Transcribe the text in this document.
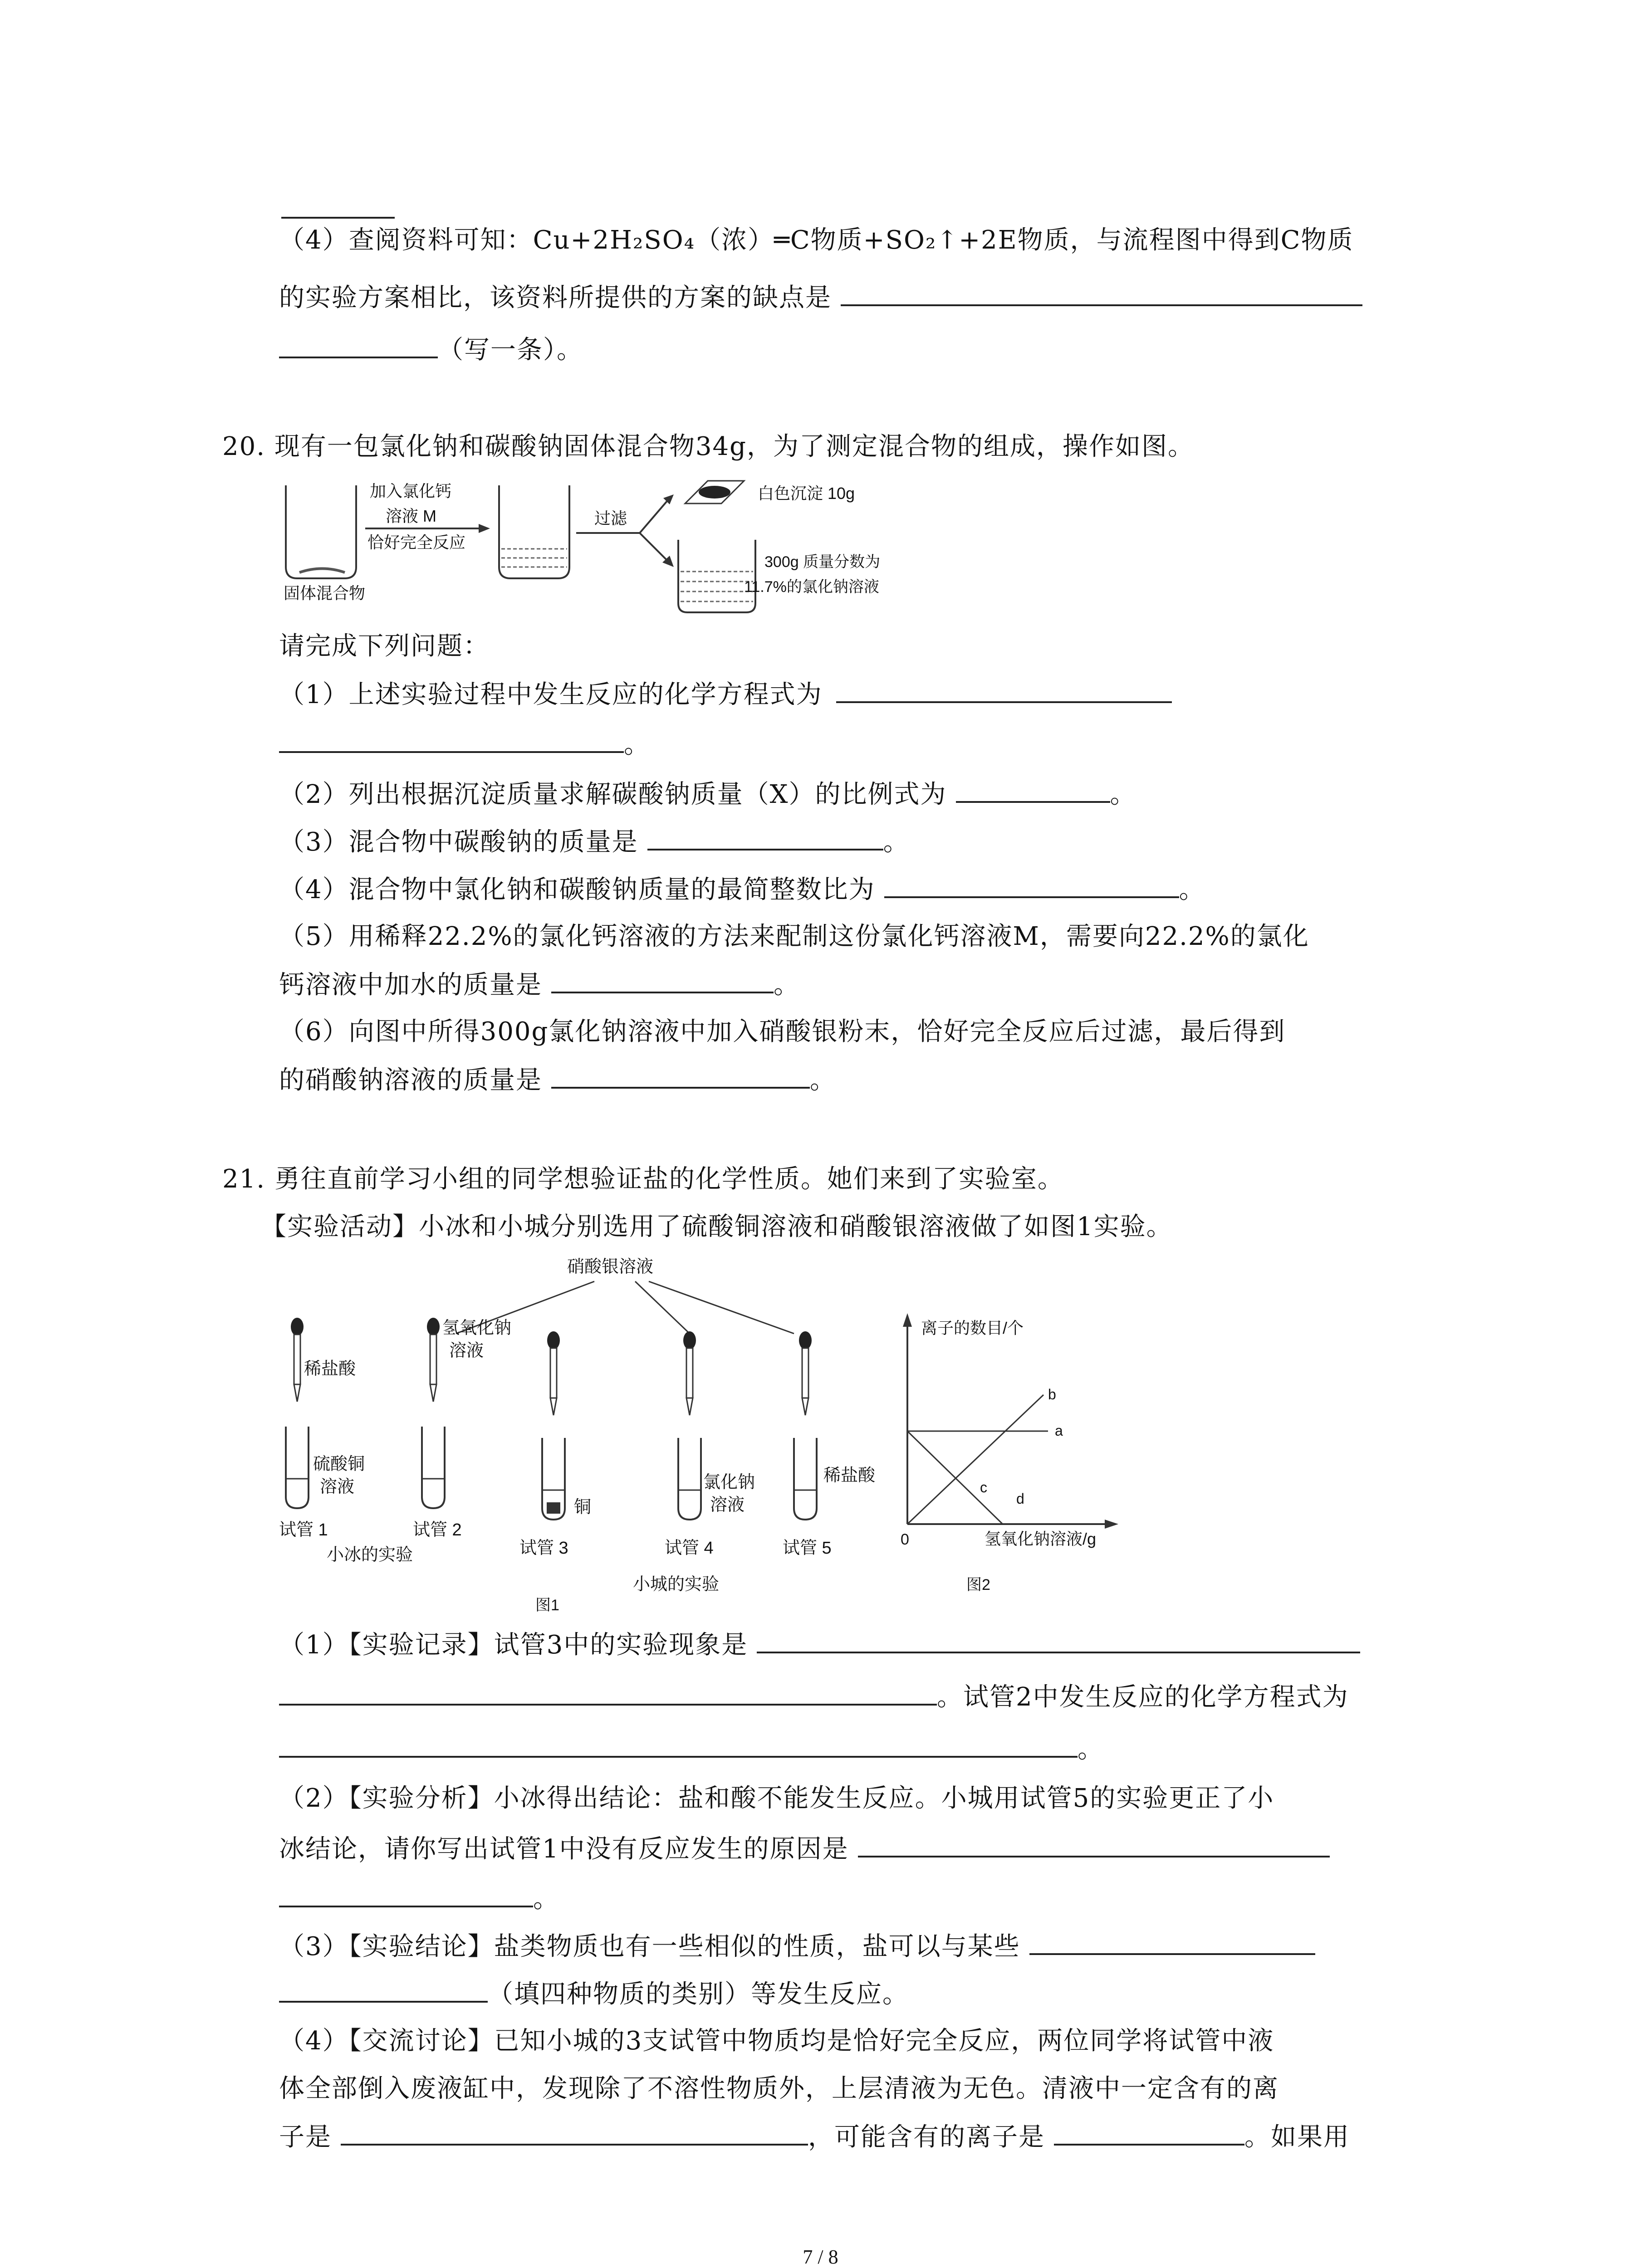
（4）查阅资料可知：Cu+2H₂SO₄（浓）═C物质+SO₂↑+2E物质，与流程图中得到C物质
的实验方案相比，该资料所提供的方案的缺点是
（写一条）。
20. 现有一包氯化钠和碳酸钠固体混合物34g，为了测定混合物的组成，操作如图。
固体混合物
加入氯化钙
溶液 M
恰好完全反应
过滤
白色沉淀 10g
300g 质量分数为
11.7%的氯化钠溶液
请完成下列问题：
（1）上述实验过程中发生反应的化学方程式为
。
（2）列出根据沉淀质量求解碳酸钠质量（X）的比例式为	。
（3）混合物中碳酸钠的质量是	。
（4）混合物中氯化钠和碳酸钠质量的最简整数比为	。
（5）用稀释22.2%的氯化钙溶液的方法来配制这份氯化钙溶液M，需要向22.2%的氯化
钙溶液中加水的质量是	。
（6）向图中所得300g氯化钠溶液中加入硝酸银粉末，恰好完全反应后过滤，最后得到
的硝酸钠溶液的质量是	。
21. 勇往直前学习小组的同学想验证盐的化学性质。她们来到了实验室。
【实验活动】小冰和小城分别选用了硫酸铜溶液和硝酸银溶液做了如图1实验。
硝酸银溶液
稀盐酸
氢氧化钠
溶液
硫酸铜
溶液
铜
氯化钠
溶液
稀盐酸
试管 1	试管 2
试管 3	试管 4	试管 5
小冰的实验
小城的实验
图1
离子的数目/个
0	氢氧化钠溶液/g
a
b
c
d
图2
（1）【实验记录】试管3中的实验现象是
。试管2中发生反应的化学方程式为
。
（2）【实验分析】小冰得出结论：盐和酸不能发生反应。小城用试管5的实验更正了小
冰结论，请你写出试管1中没有反应发生的原因是
。
（3）【实验结论】盐类物质也有一些相似的性质，盐可以与某些
（填四种物质的类别）等发生反应。
（4）【交流讨论】已知小城的3支试管中物质均是恰好完全反应，两位同学将试管中液
体全部倒入废液缸中，发现除了不溶性物质外，上层清液为无色。清液中一定含有的离
子是	，可能含有的离子是	。如果用
7 / 8
